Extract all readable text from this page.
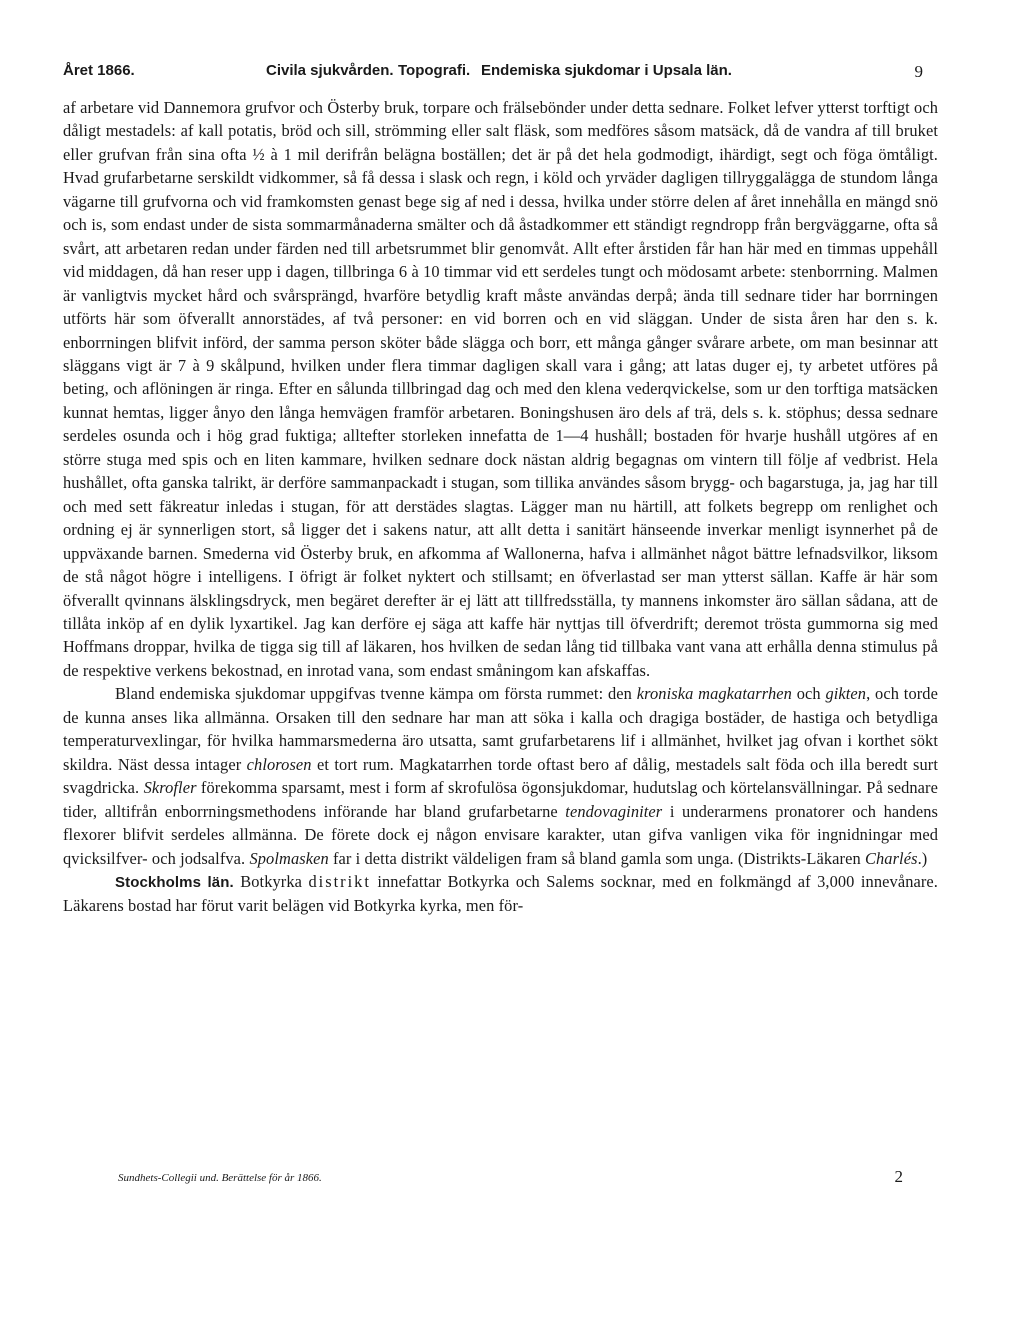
Året 1866.	Civila sjukvården. Topografi. Endemiska sjukdomar i Upsala län.	9

af arbetare vid Dannemora grufvor och Österby bruk, torpare och frälsebönder under detta sednare. Folket lefver ytterst torftigt och dåligt mestadels: af kall potatis, bröd och sill, strömming eller salt fläsk, som medföres såsom matsäck, då de vandra af till bruket eller grufvan från sina ofta ½ à 1 mil derifrån belägna boställen; det är på det hela godmodigt, ihärdigt, segt och föga ömtåligt. Hvad grufarbetarne serskildt vidkommer, så få dessa i slask och regn, i köld och yrväder dagligen tillryggalägga de stundom långa vägarne till grufvorna och vid framkomsten genast bege sig af ned i dessa, hvilka under större delen af året innehålla en mängd snö och is, som endast under de sista sommarmånaderna smälter och då åstadkommer ett ständigt regndropp från bergväggarne, ofta så svårt, att arbetaren redan under färden ned till arbetsrummet blir genomvåt. Allt efter årstiden får han här med en timmas uppehåll vid middagen, då han reser upp i dagen, tillbringa 6 à 10 timmar vid ett serdeles tungt och mödosamt arbete: stenborrning. Malmen är vanligtvis mycket hård och svårsprängd, hvarföre betydlig kraft måste användas derpå; ända till sednare tider har borrningen utförts här som öfverallt annorstädes, af två personer: en vid borren och en vid släggan. Under de sista åren har den s. k. enborrningen blifvit införd, der samma person sköter både slägga och borr, ett många gånger svårare arbete, om man besinnar att släggans vigt är 7 à 9 skålpund, hvilken under flera timmar dagligen skall vara i gång; att latas duger ej, ty arbetet utföres på beting, och aflöningen är ringa. Efter en sålunda tillbringad dag och med den klena vederqvickelse, som ur den torftiga matsäcken kunnat hemtas, ligger ånyo den långa hemvägen framför arbetaren. Boningshusen äro dels af trä, dels s. k. stöphus; dessa sednare serdeles osunda och i hög grad fuktiga; alltefter storleken innefatta de 1—4 hushåll; bostaden för hvarje hushåll utgöres af en större stuga med spis och en liten kammare, hvilken sednare dock nästan aldrig begagnas om vintern till följe af vedbrist. Hela hushållet, ofta ganska talrikt, är derföre sammanpackadt i stugan, som tillika användes såsom brygg- och bagarstuga, ja, jag har till och med sett fäkreatur inledas i stugan, för att derstädes slagtas. Lägger man nu härtill, att folkets begrepp om renlighet och ordning ej är synnerligen stort, så ligger det i sakens natur, att allt detta i sanitärt hänseende inverkar menligt isynnerhet på de uppväxande barnen. Smederna vid Österby bruk, en afkomma af Wallonerna, hafva i allmänhet något bättre lefnadsvilkor, liksom de stå något högre i intelligens. I öfrigt är folket nyktert och stillsamt; en öfverlastad ser man ytterst sällan. Kaffe är här som öfverallt qvinnans älsklingsdryck, men begäret derefter är ej lätt att tillfredsställa, ty mannens inkomster äro sällan sådana, att de tillåta inköp af en dylik lyxartikel. Jag kan derföre ej säga att kaffe här nyttjas till öfverdrift; deremot trösta gummorna sig med Hoffmans droppar, hvilka de tigga sig till af läkaren, hos hvilken de sedan lång tid tillbaka vant vana att erhålla denna stimulus på de respektive verkens bekostnad, en inrotad vana, som endast småningom kan afskaffas.

Bland endemiska sjukdomar uppgifvas tvenne kämpa om första rummet: den kroniska magkatarrhen och gikten, och torde de kunna anses lika allmänna. Orsaken till den sednare har man att söka i kalla och dragiga bostäder, de hastiga och betydliga temperaturvexlingar, för hvilka hammarsmederna äro utsatta, samt grufarbetarens lif i allmänhet, hvilket jag ofvan i korthet sökt skildra. Näst dessa intager chlorosen et tort rum. Magkatarrhen torde oftast bero af dålig, mestadels salt föda och illa beredt surt svagdricka. Skrofler förekomma sparsamt, mest i form af skrofulösa ögonsjukdomar, hudutslag och körtelansvällningar. På sednare tider, alltifrån enborrningsmethodens införande har bland grufarbetarne tendovaginiter i underarmens pronatorer och handens flexorer blifvit serdeles allmänna. De förete dock ej någon envisare karakter, utan gifva vanligen vika för ingnidningar med qvicksilfver- och jodsalfva. Spolmasken far i detta distrikt väldeligen fram så bland gamla som unga. (Distrikts-Läkaren Charlés.)

Stockholms län. Botkyrka distrikt innefattar Botkyrka och Salems socknar, med en folkmängd af 3,000 innevånare. Läkarens bostad har förut varit belägen vid Botkyrka kyrka, men för-

Sundhets-Collegii und. Berättelse för år 1866.	2
